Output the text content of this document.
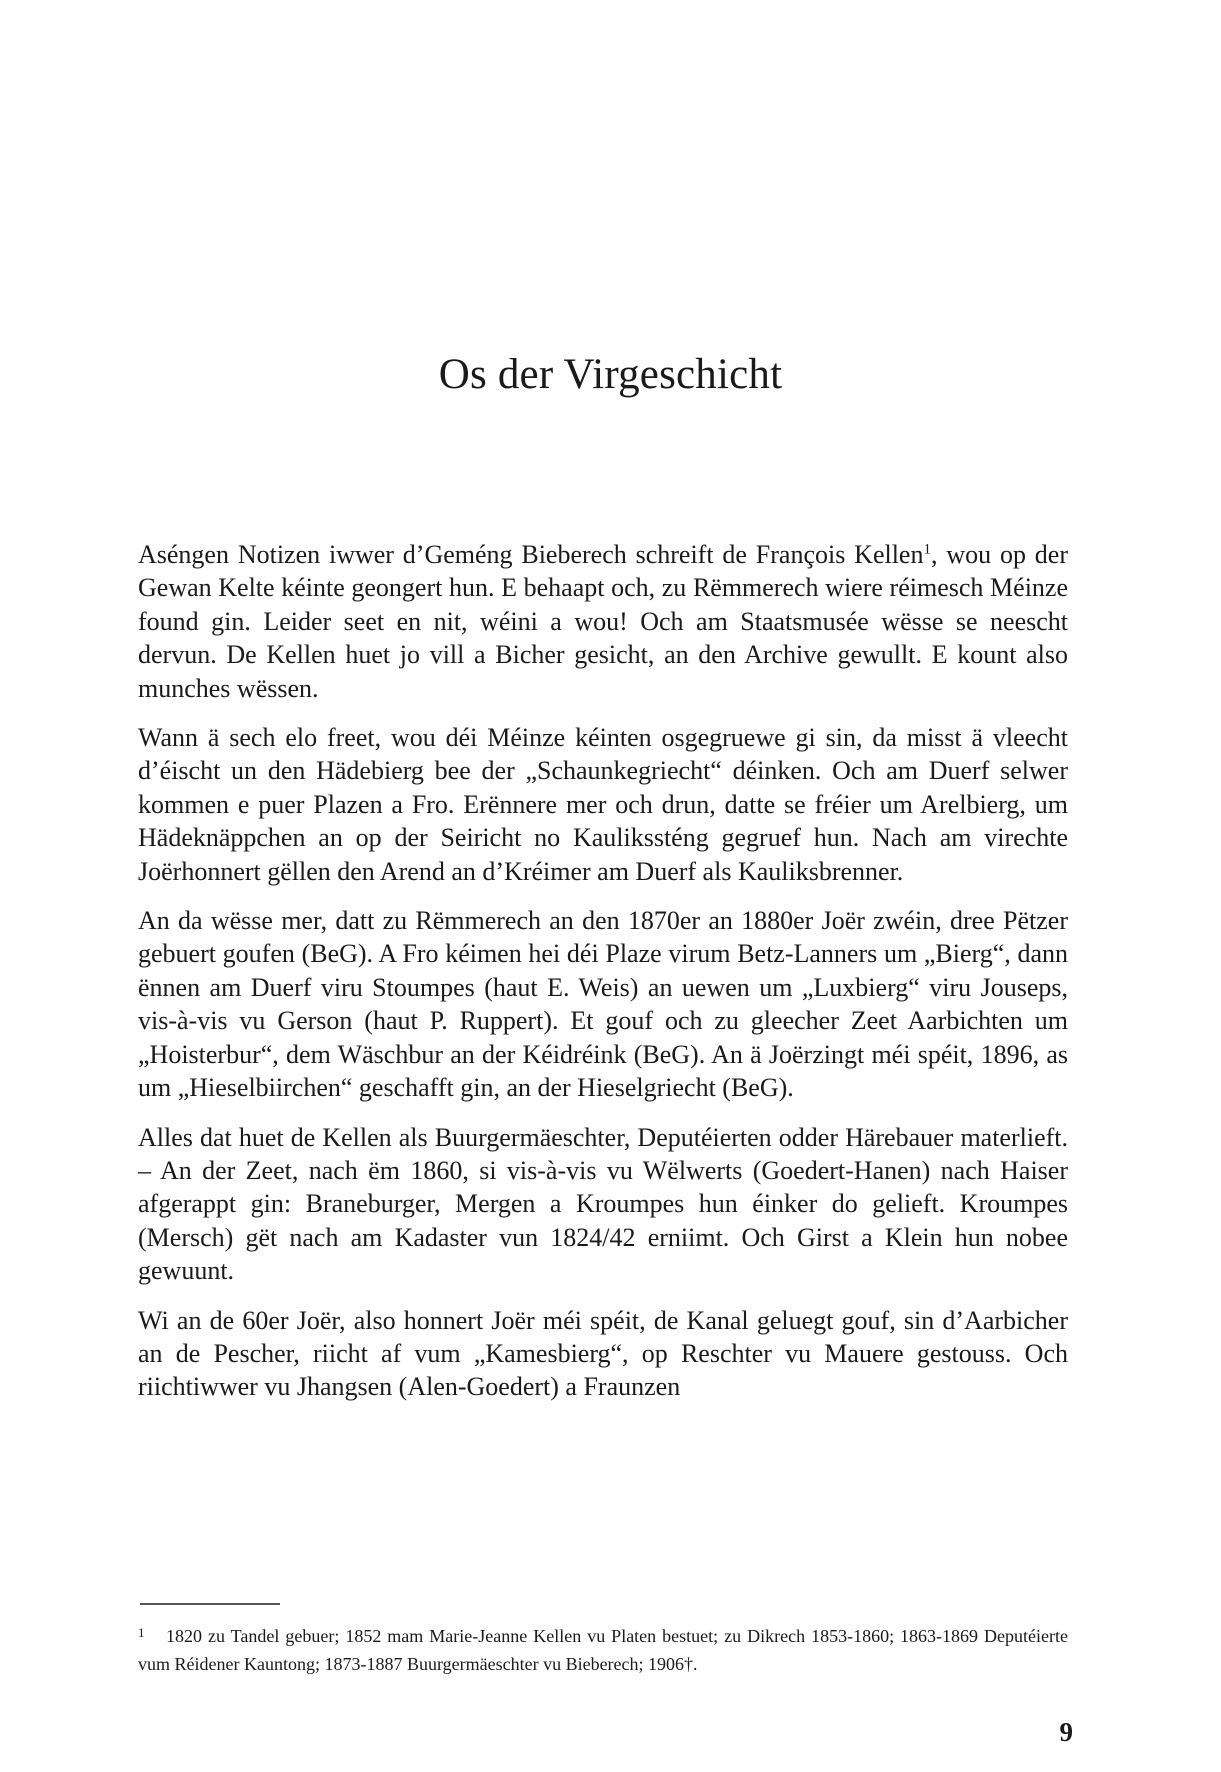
Os der Virgeschicht

Aséngen Notizen iwwer d’Geméng Bieberech schreift de François Kellen$^1$, wou op der Gewan Kelte kéinte geongert hun. E behaapt och, zu Rëmmerech wiere réimesch Méinze found gin. Leider seet en nit, wéini a wou! Och am Staatsmusée wësse se neescht dervun. De Kellen huet jo vill a Bicher gesicht, an den Archive gewullt. E kount also munches wëssen.

Wann ä sech elo freet, wou déi Méinze kéinten osgegruewe gi sin, da misst ä vleecht d’éischt un den Hädebierg bee der „Schaunkegriecht“ déinken. Och am Duerf selwer kommen e puer Plazen a Fro. Erënnere mer och drun, datte se fréier um Arelbierg, um Hädeknäppchen an op der Seiricht no Kaulikssténg gegruef hun. Nach am virechte Joërhonnert gëllen den Arend an d’Kréimer am Duerf als Kauliksbrenner.

An da wësse mer, datt zu Rëmmerech an den 1870er an 1880er Joër zwéin, dree Pëtzer gebuert goufen (BeG). A Fro kéimen hei déi Plaze virum Betz-Lanners um „Bierg“, dann ënnen am Duerf viru Stoumpes (haut E. Weis) an uewen um „Luxbierg“ viru Jouseps, vis-à-vis vu Gerson (haut P. Ruppert). Et gouf och zu gleecher Zeet Aarbichten um „Hoisterbur“, dem Wäschbur an der Kéidréink (BeG). An ä Joërzingt méi spéit, 1896, as um „Hieselbiirchen“ geschafft gin, an der Hieselgriecht (BeG).

Alles dat huet de Kellen als Buurgermäeschter, Deputéierten odder Härebauer materlieft. – An der Zeet, nach ëm 1860, si vis-à-vis vu Wëlwerts (Goedert-Hanen) nach Haiser afgerappt gin: Braneburger, Mergen a Kroumpes hun éinker do gelieft. Kroumpes (Mersch) gët nach am Kadaster vun 1824/42 erniimt. Och Girst a Klein hun nobee gewuunt.

Wi an de 60er Joër, also honnert Joër méi spéit, de Kanal geluegt gouf, sin d’Aarbicher an de Pescher, riicht af vum „Kamesbierg“, op Reschter vu Mauere gestouss. Och riichtiwwer vu Jhangsen (Alen-Goedert) a Fraunzen

1 1820 zu Tandel gebuer; 1852 mam Marie-Jeanne Kellen vu Platen bestuet; zu Dikrech 1853-1860; 1863-1869 Deputéierte vum Réidener Kauntong; 1873-1887 Buurgermäeschter vu Bieberech; 1906†.
9
